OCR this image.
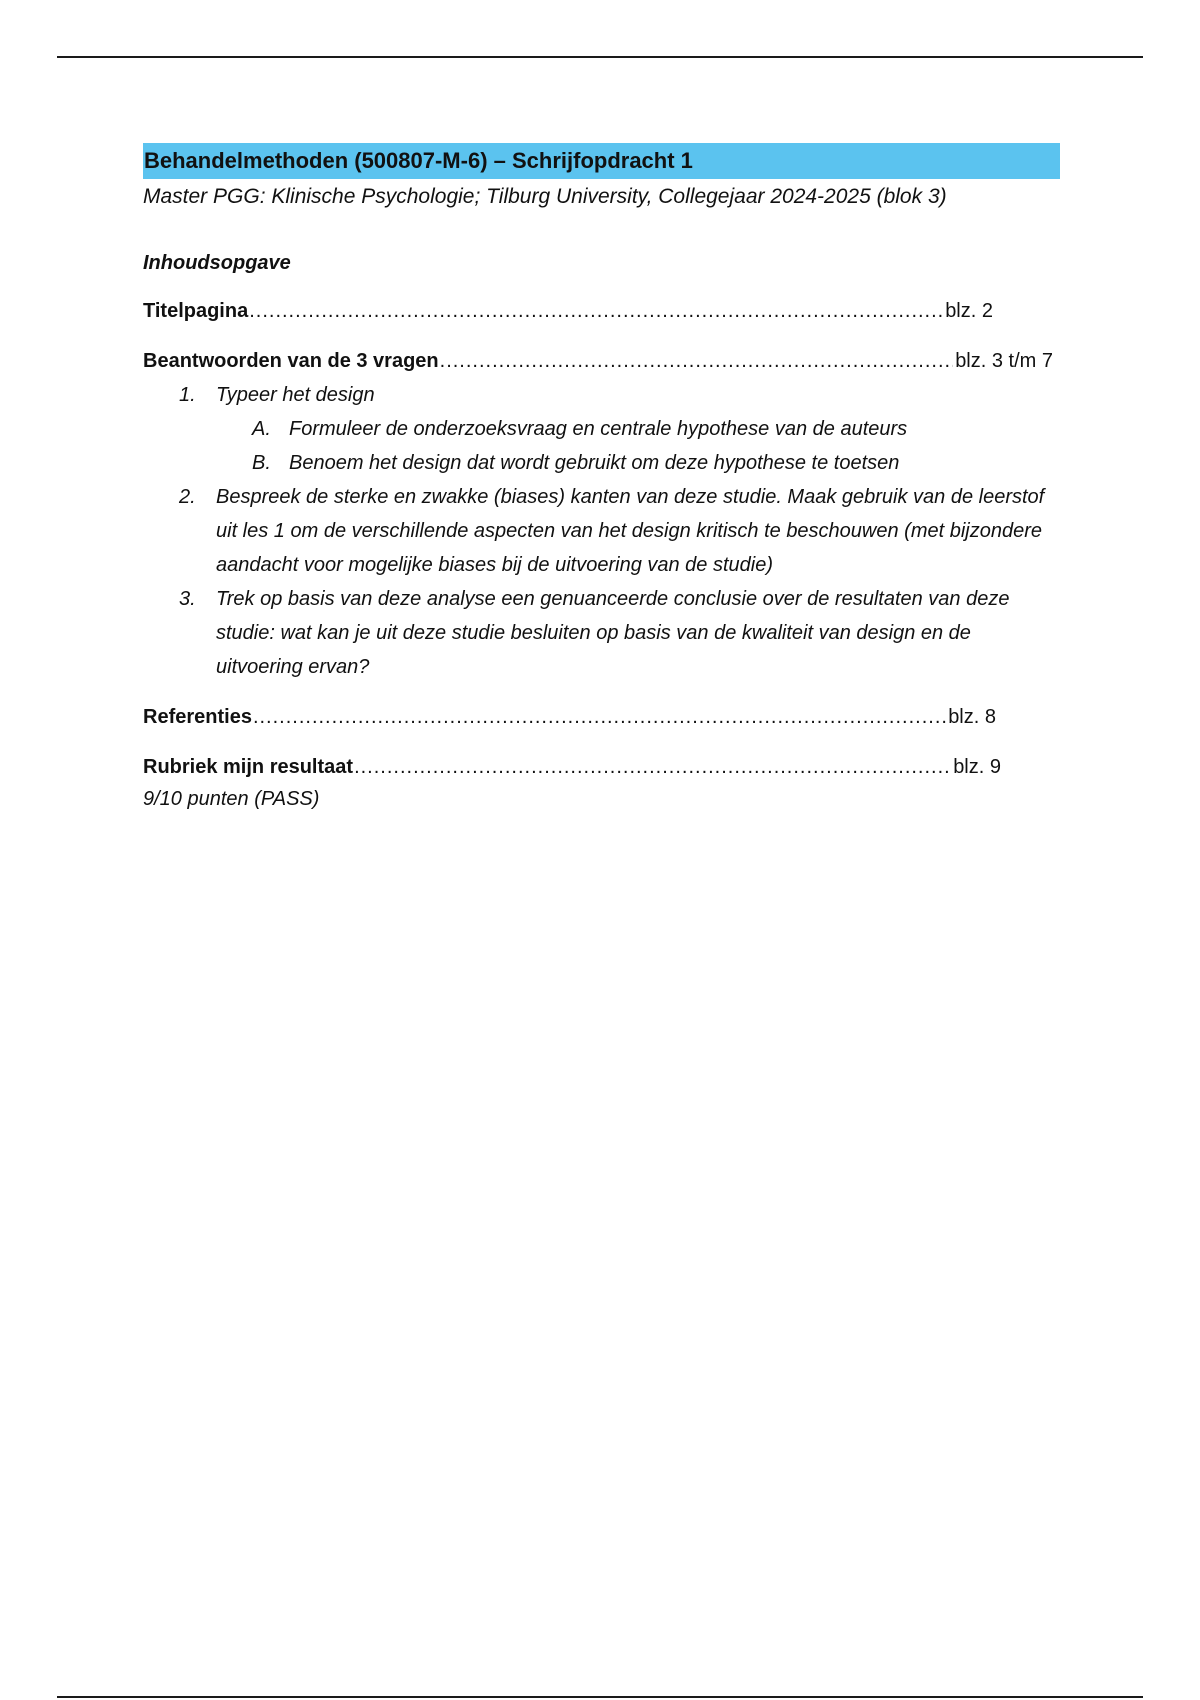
Behandelmethoden (500807-M-6) – Schrijfopdracht 1
Master PGG: Klinische Psychologie; Tilburg University, Collegejaar 2024-2025 (blok 3)
Inhoudsopgave
Titelpagina .....	blz. 2
Beantwoorden van de 3 vragen .....	blz. 3 t/m 7
1. Typeer het design
A. Formuleer de onderzoeksvraag en centrale hypothese van de auteurs
B. Benoem het design dat wordt gebruikt om deze hypothese te toetsen
2. Bespreek de sterke en zwakke (biases) kanten van deze studie. Maak gebruik van de leerstof uit les 1 om de verschillende aspecten van het design kritisch te beschouwen (met bijzondere aandacht voor mogelijke biases bij de uitvoering van de studie)
3. Trek op basis van deze analyse een genuanceerde conclusie over de resultaten van deze studie: wat kan je uit deze studie besluiten op basis van de kwaliteit van design en de uitvoering ervan?
Referenties .....	blz. 8
Rubriek mijn resultaat .....	blz. 9
9/10 punten (PASS)
